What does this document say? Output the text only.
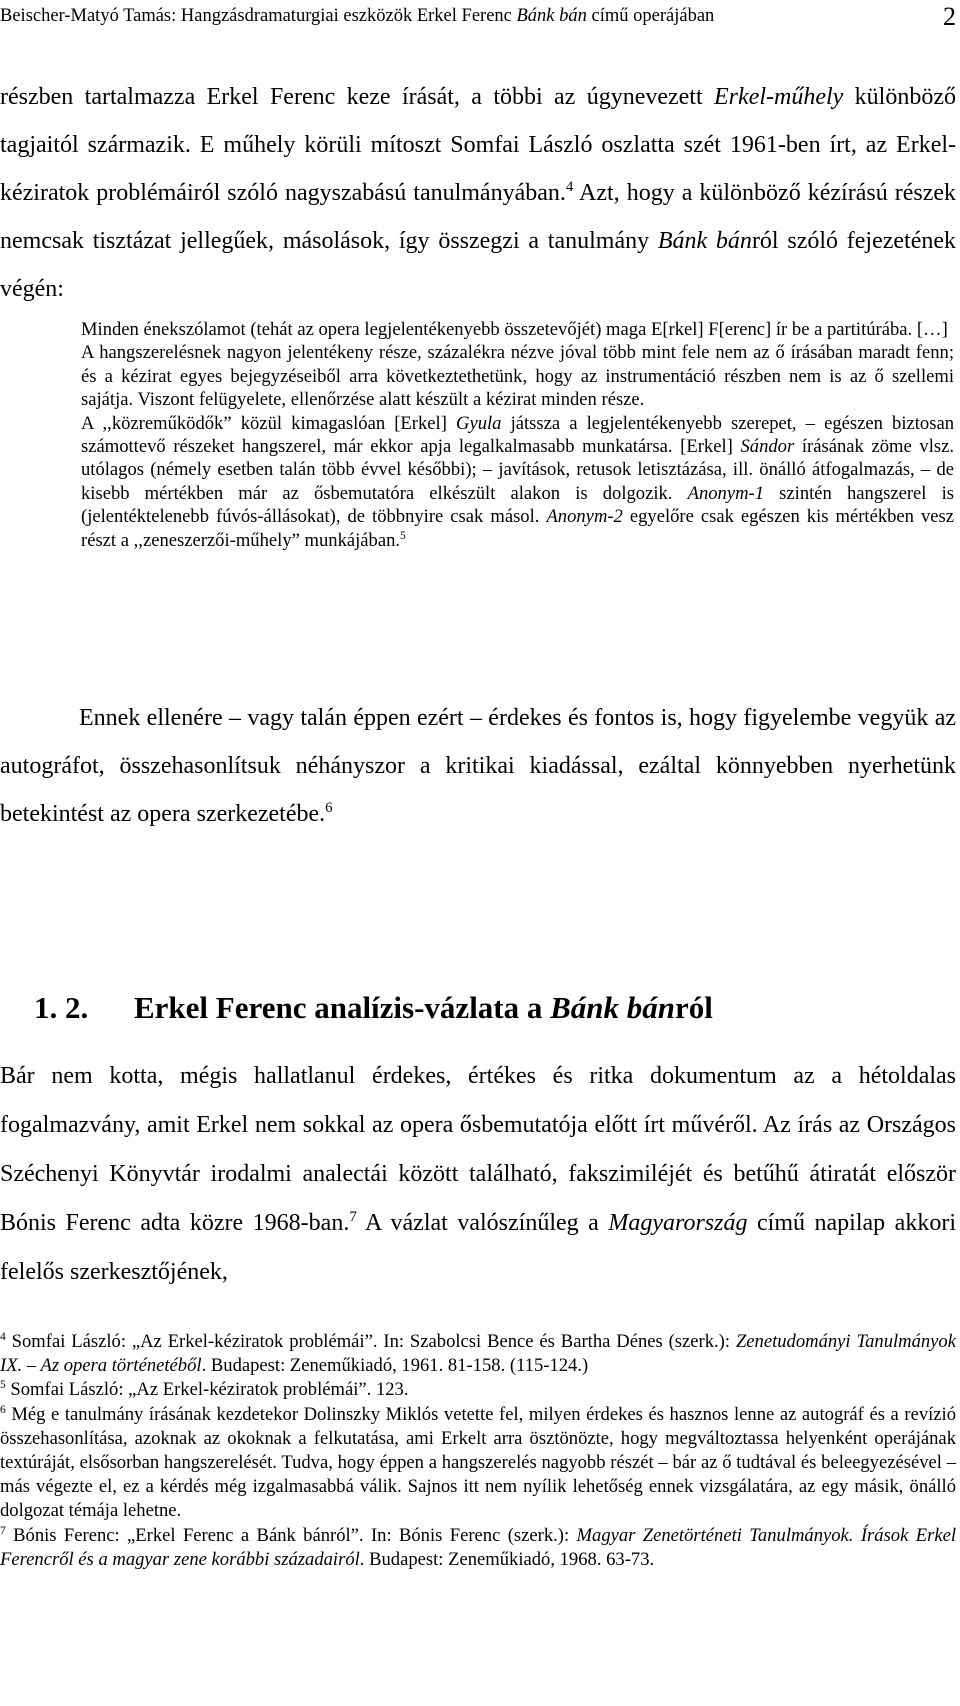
Beischer-Matyó Tamás: Hangzásdramaturgiai eszközök Erkel Ferenc Bánk bán című operájában	2

részben tartalmazza Erkel Ferenc keze írását, a többi az úgynevezett Erkel-műhely különböző tagjaitól származik. E műhely körüli mítoszt Somfai László oszlatta szét 1961-ben írt, az Erkel-kéziratok problémáiról szóló nagyszabású tanulmányában.$^4$ Azt, hogy a különböző kézírású részek nemcsak tisztázat jellegűek, másolások, így összegzi a tanulmány Bánk bánról szóló fejezetének végén:

Minden énekszólamot (tehát az opera legjelentékenyebb összetevőjét) maga E[rkel] F[erenc] ír be a partitúrába. […]

A hangszerelésnek nagyon jelentékeny része, százalékra nézve jóval több mint fele nem az ő írásában maradt fenn; és a kézirat egyes bejegyzéseiből arra következtethetünk, hogy az instrumentáció részben nem is az ő szellemi sajátja. Viszont felügyelete, ellenőrzése alatt készült a kézirat minden része.

A ,,közreműködők” közül kimagaslóan [Erkel] Gyula játssza a legjelentékenyebb szerepet, – egészen biztosan számottevő részeket hangszerel, már ekkor apja legalkalmasabb munkatársa. [Erkel] Sándor írásának zöme vlsz. utólagos (némely esetben talán több évvel későbbi); – javítások, retusok letisztázása, ill. önálló átfogalmazás, – de kisebb mértékben már az ősbemutatóra elkészült alakon is dolgozik. Anonym-1 szintén hangszerel is (jelentéktelenebb fúvós-állásokat), de többnyire csak másol. Anonym-2 egyelőre csak egészen kis mértékben vesz részt a ,,zeneszerzői-műhely” munkájában.$^5$

Ennek ellenére – vagy talán éppen ezért – érdekes és fontos is, hogy figyelembe vegyük az autográfot, összehasonlítsuk néhányszor a kritikai kiadással, ezáltal könnyebben nyerhetünk betekintést az opera szerkezetébe.$^6$

1. 2. Erkel Ferenc analízis-vázlata a Bánk bánról

Bár nem kotta, mégis hallatlanul érdekes, értékes és ritka dokumentum az a hétoldalas fogalmazvány, amit Erkel nem sokkal az opera ősbemutatója előtt írt művéről. Az írás az Országos Széchenyi Könyvtár irodalmi analectái között található, fakszimiléjét és betűhű átiratát először Bónis Ferenc adta közre 1968-ban.$^7$ A vázlat valószínűleg a Magyarország című napilap akkori felelős szerkesztőjének,

$^4$ Somfai László: „Az Erkel-kéziratok problémái”. In: Szabolcsi Bence és Bartha Dénes (szerk.): Zenetudományi Tanulmányok IX. – Az opera történetéből. Budapest: Zeneműkiadó, 1961. 81-158. (115-124.)

$^5$ Somfai László: „Az Erkel-kéziratok problémái”. 123.

$^6$ Még e tanulmány írásának kezdetekor Dolinszky Miklós vetette fel, milyen érdekes és hasznos lenne az autográf és a revízió összehasonlítása, azoknak az okoknak a felkutatása, ami Erkelt arra ösztönözte, hogy megváltoztassa helyenként operájának textúráját, elsősorban hangszerelését. Tudva, hogy éppen a hangszerelés nagyobb részét – bár az ő tudtával és beleegyezésével – más végezte el, ez a kérdés még izgalmasabbá válik. Sajnos itt nem nyílik lehetőség ennek vizsgálatára, az egy másik, önálló dolgozat témája lehetne.

$^7$ Bónis Ferenc: „Erkel Ferenc a Bánk bánról”. In: Bónis Ferenc (szerk.): Magyar Zenetörténeti Tanulmányok. Írások Erkel Ferencről és a magyar zene korábbi századairól. Budapest: Zeneműkiadó, 1968. 63-73.
